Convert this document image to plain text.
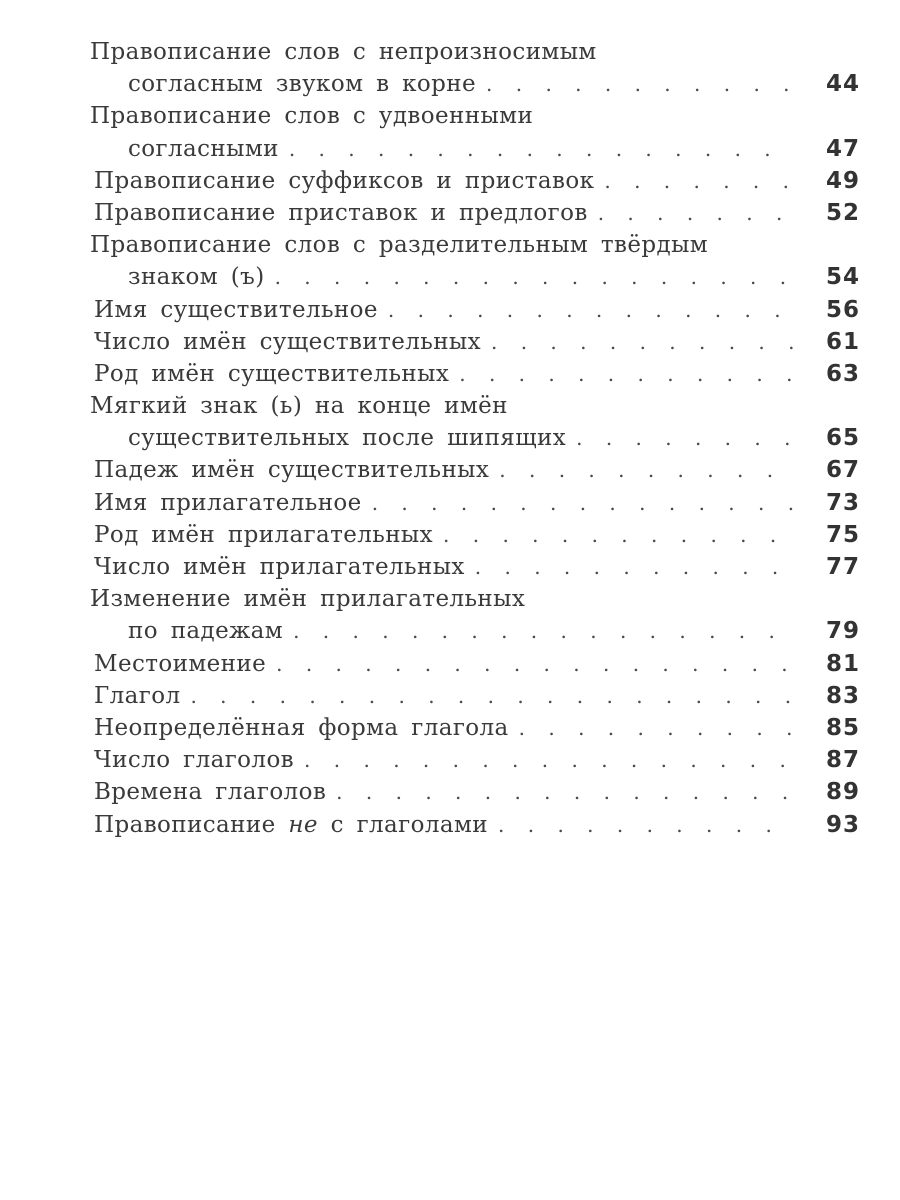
Правописание слов с непроизносимым
согласным звуком в корне . . .	44
Правописание слов с удвоенными
согласными . . .	47
Правописание суффиксов и приставок . . .	49
Правописание приставок и предлогов . . .	52
Правописание слов с разделительным твёрдым
знаком (ъ) . . .	54
Имя существительное . . .	56
Число имён существительных . . .	61
Род имён существительных . . .	63
Мягкий знак (ь) на конце имён
существительных после шипящих . . .	65
Падеж имён существительных . . .	67
Имя прилагательное . . .	73
Род имён прилагательных . . .	75
Число имён прилагательных . . .	77
Изменение имён прилагательных
по падежам . . .	79
Местоимение . . .	81
Глагол . . .	83
Неопределённая форма глагола . . .	85
Число глаголов . . .	87
Времена глаголов . . .	89
Правописание не с глаголами . . .	93
